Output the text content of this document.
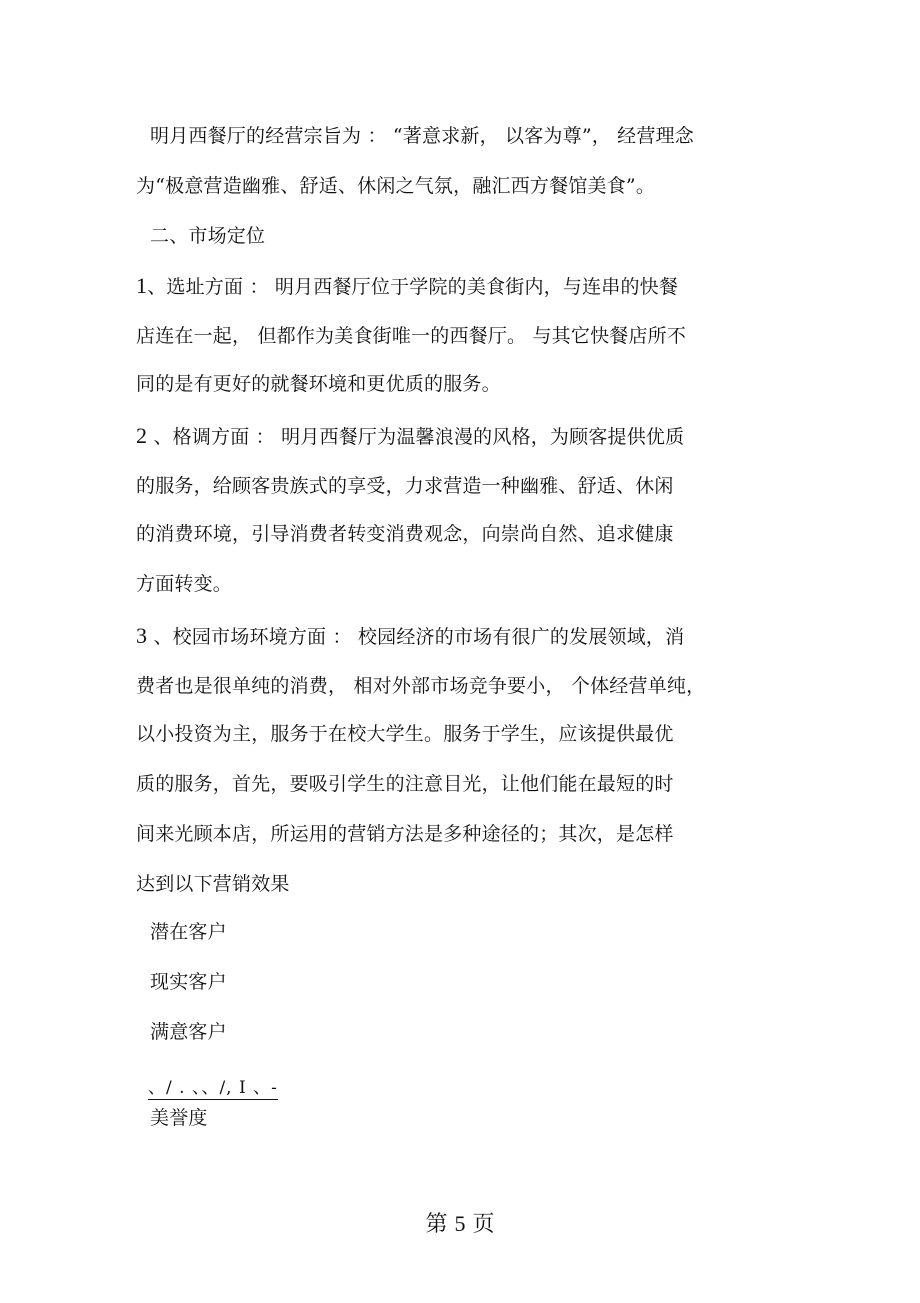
明月西餐厅的经营宗旨为 ： “著意求新， 以客为尊”， 经营理念
为“极意营造幽雅、舒适、休闲之气氛，融汇西方餐馆美食”。
二、市场定位
1、选址方面 ： 明月西餐厅位于学院的美食街内，与连串的快餐
店连在一起， 但都作为美食街唯一的西餐厅。 与其它快餐店所不
同的是有更好的就餐环境和更优质的服务。
2 、格调方面 ： 明月西餐厅为温馨浪漫的风格，为顾客提供优质
的服务，给顾客贵族式的享受，力求营造一种幽雅、舒适、休闲
的消费环境，引导消费者转变消费观念，向崇尚自然、追求健康
方面转变。
3 、校园市场环境方面 ： 校园经济的市场有很广的发展领域，消
费者也是很单纯的消费， 相对外部市场竞争要小， 个体经营单纯，
以小投资为主，服务于在校大学生。服务于学生，应该提供最优
质的服务，首先，要吸引学生的注意目光，让他们能在最短的时
间来光顾本店，所运用的营销方法是多种途径的；其次，是怎样
达到以下营销效果
潜在客户
现实客户
满意客户
、/ . 、、/, I 、-
美誉度
第 5 页
